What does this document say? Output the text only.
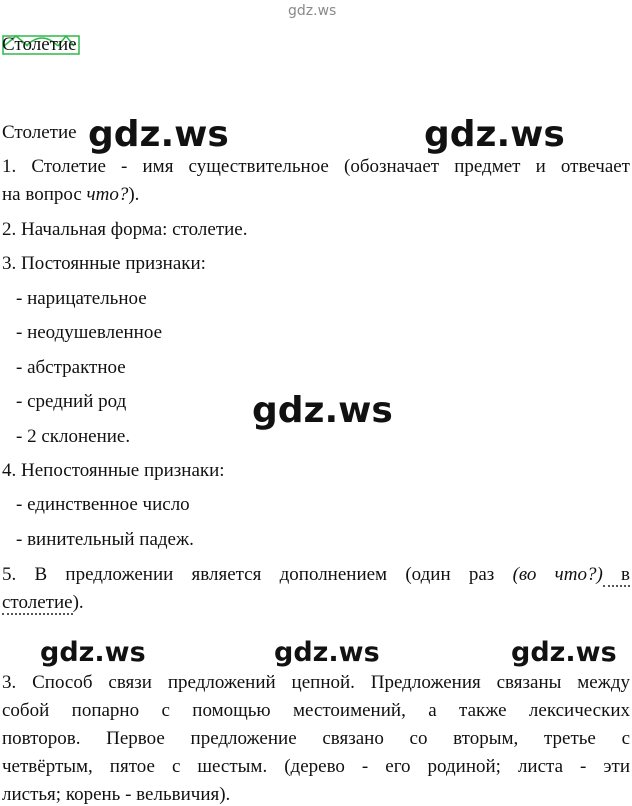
gdz.ws
Столетие
Столетие
1. Столетие - имя существительное (обозначает предмет и отвечает
на вопрос что?).
2. Начальная форма: столетие.
3. Постоянные признаки:
- нарицательное
- неодушевленное
- абстрактное
- средний род
- 2 склонение.
4. Непостоянные признаки:
- единственное число
- винительный падеж.
5. В предложении является дополнением (один раз (во что?) в
столетие).
3. Способ связи предложений цепной. Предложения связаны между
собой попарно с помощью местоимений, а также лексических
повторов. Первое предложение связано со вторым, третье с
четвёртым, пятое с шестым. (дерево - его родиной; листа - эти
листья; корень - вельвичия).
gdz.ws	gdz.ws
gdz.ws
gdz.ws	gdz.ws	gdz.ws
